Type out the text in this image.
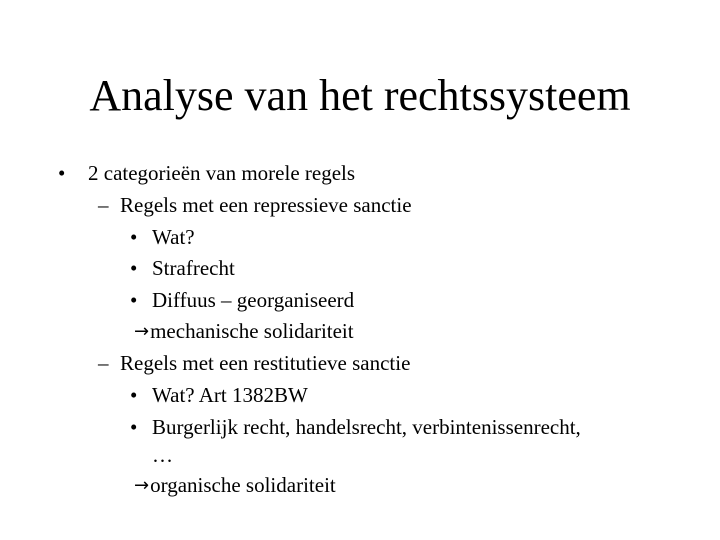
Analyse van het rechtssysteem
• 2 categorieën van morele regels
– Regels met een repressieve sanctie
• Wat?
• Strafrecht
• Diffuus – georganiseerd
→mechanische solidariteit
– Regels met een restitutieve sanctie
• Wat? Art 1382BW
• Burgerlijk recht, handelsrecht, verbintenissenrecht,
…
→organische solidariteit
